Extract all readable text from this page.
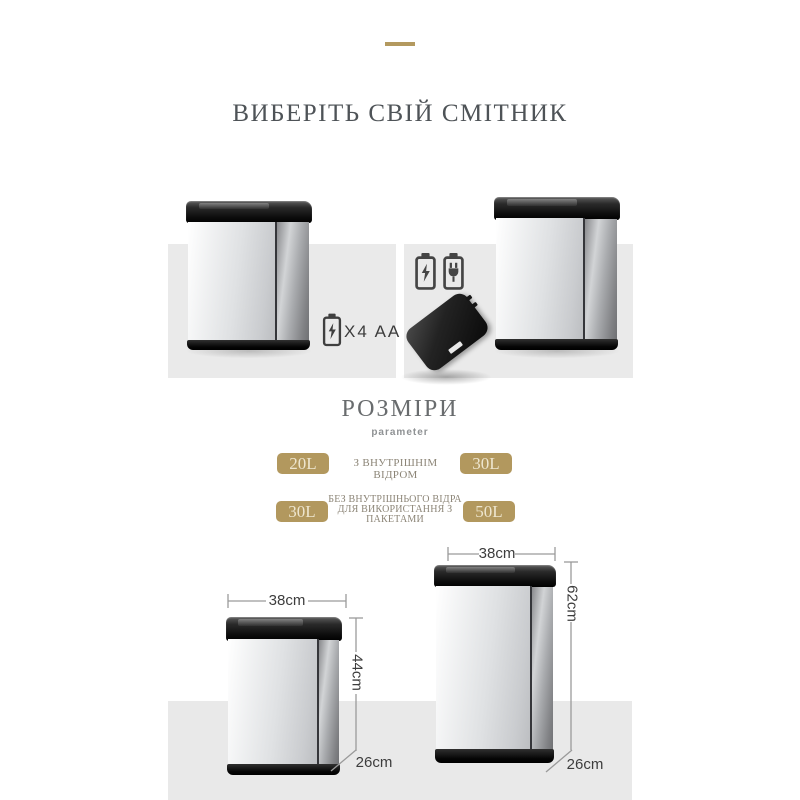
ВИБЕРІТЬ СВІЙ СМІТНИК
X4 AA
РОЗМІРИ
parameter
20L	З ВНУТРІШНІМ ВІДРОМ
30L
30L
БЕЗ ВНУТРІШНЬОГО ВІДРА ДЛЯ ВИКОРИСТАННЯ З ПАКЕТАМИ	50L
38cm
44cm
26cm
38cm
62cm
26cm
